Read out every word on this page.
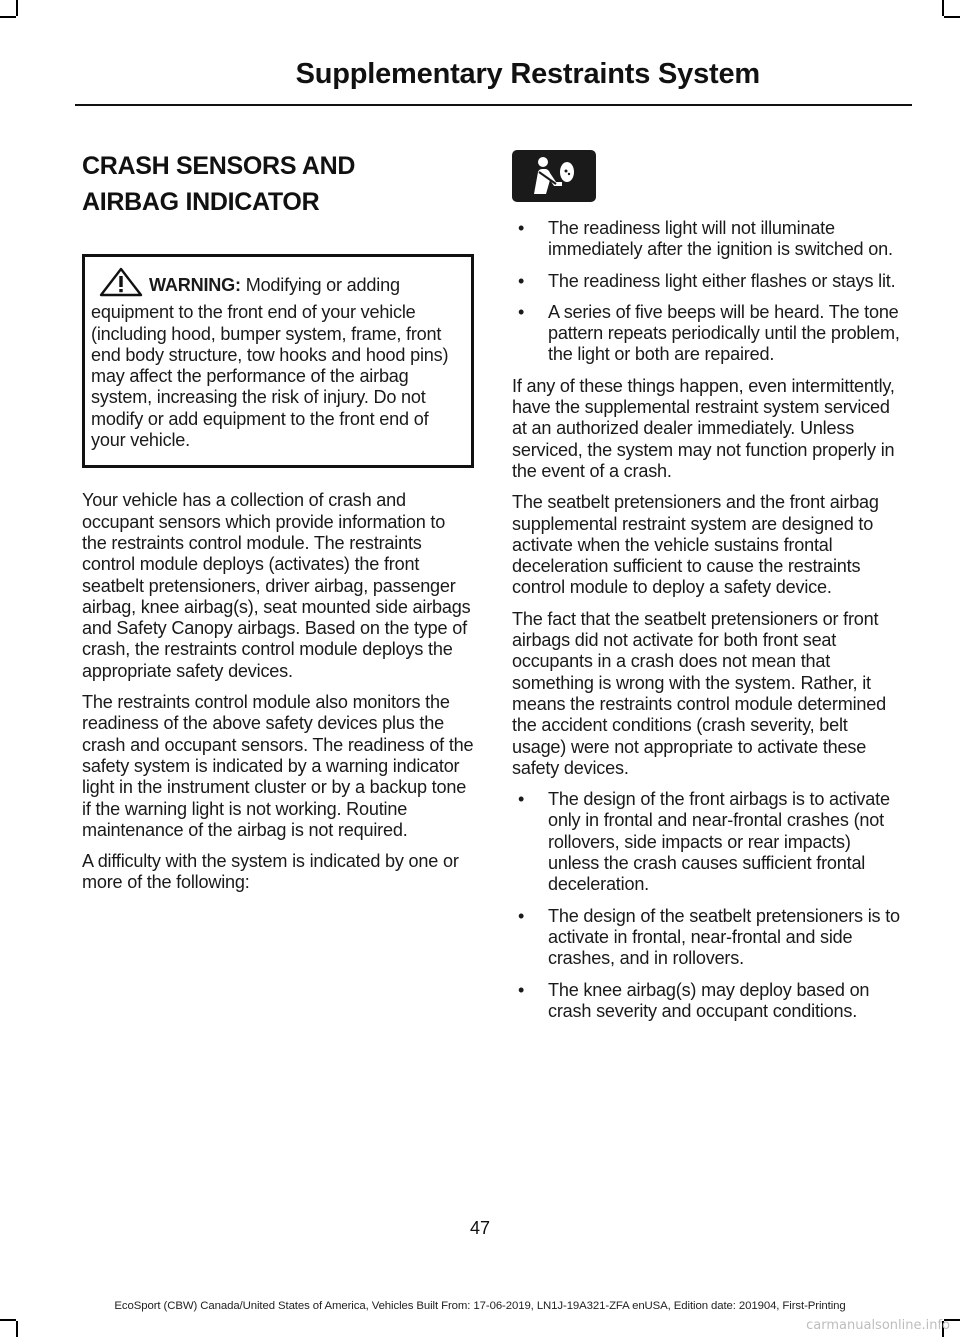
Supplementary Restraints System
CRASH SENSORS AND
AIRBAG INDICATOR
WARNING: Modifying or adding equipment to the front end of your vehicle (including hood, bumper system, frame, front end body structure, tow hooks and hood pins) may affect the performance of the airbag system, increasing the risk of injury. Do not modify or add equipment to the front end of your vehicle.

Your vehicle has a collection of crash and occupant sensors which provide information to the restraints control module. The restraints control module deploys (activates) the front seatbelt pretensioners, driver airbag, passenger airbag, knee airbag(s), seat mounted side airbags and Safety Canopy airbags. Based on the type of crash, the restraints control module deploys the appropriate safety devices.

The restraints control module also monitors the readiness of the above safety devices plus the crash and occupant sensors. The readiness of the safety system is indicated by a warning indicator light in the instrument cluster or by a backup tone if the warning light is not working. Routine maintenance of the airbag is not required.

A difficulty with the system is indicated by one or more of the following:

• The readiness light will not illuminate immediately after the ignition is switched on.
• The readiness light either flashes or stays lit.
• A series of five beeps will be heard. The tone pattern repeats periodically until the problem, the light or both are repaired.

If any of these things happen, even intermittently, have the supplemental restraint system serviced at an authorized dealer immediately. Unless serviced, the system may not function properly in the event of a crash.

The seatbelt pretensioners and the front airbag supplemental restraint system are designed to activate when the vehicle sustains frontal deceleration sufficient to cause the restraints control module to deploy a safety device.

The fact that the seatbelt pretensioners or front airbags did not activate for both front seat occupants in a crash does not mean that something is wrong with the system. Rather, it means the restraints control module determined the accident conditions (crash severity, belt usage) were not appropriate to activate these safety devices.

• The design of the front airbags is to activate only in frontal and near-frontal crashes (not rollovers, side impacts or rear impacts) unless the crash causes sufficient frontal deceleration.
• The design of the seatbelt pretensioners is to activate in frontal, near-frontal and side crashes, and in rollovers.
• The knee airbag(s) may deploy based on crash severity and occupant conditions.
47
EcoSport (CBW) Canada/United States of America, Vehicles Built From: 17-06-2019, LN1J-19A321-ZFA enUSA, Edition date: 201904, First-Printing
carmanualsonline.info
